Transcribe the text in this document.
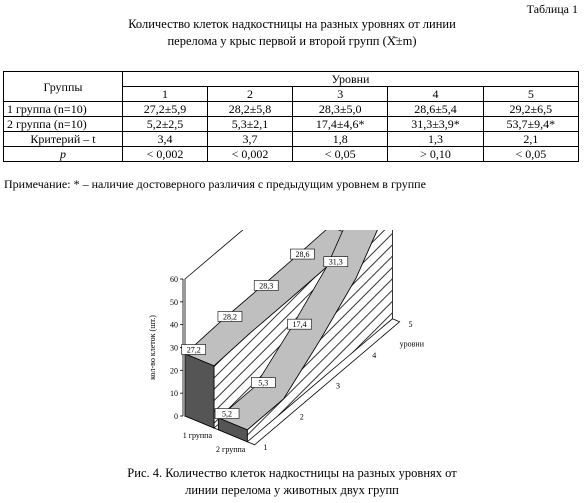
Таблица 1
Количество клеток надкостницы на разных уровнях от линии
перелома у крыс первой и второй групп (Х̄±m)
Группы	Уровни				
	1	2	3	4	5
1 группа (n=10)	27,2±5,9	28,2±5,8	28,3±5,0	28,6±5,4	29,2±6,5
2 группа (n=10)	5,2±2,5	5,3±2,1	17,4±4,6*	31,3±3,9*	53,7±9,4*
Критерий – t	3,4	3,7	1,8	1,3	2,1
p	< 0,002	< 0,002	< 0,05	> 0,10	< 0,05
Примечание: * – наличие достоверного различия с предыдущим уровнем в группе
0
10
20
30
40
50
60
кол-во клеток (шт.)	27,2
28,2
28,3
28,6
1 группа
5,2
5,3
17,4
31,3
2 группа 1
2
3
4
5
уровни
Рис. 4. Количество клеток надкостницы на разных уровнях от
линии перелома у животных двух групп
